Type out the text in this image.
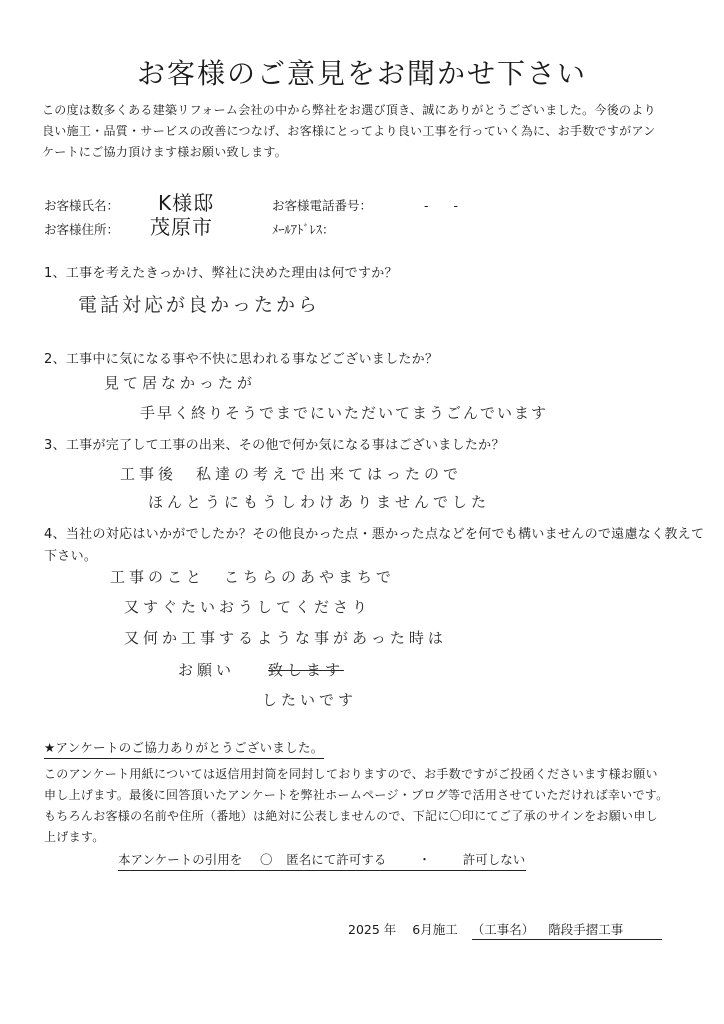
お客様のご意見をお聞かせ下さい
この度は数多くある建築リフォーム会社の中から弊社をお選び頂き、誠にありがとうございました。今後のより
良い施工・品質・サービスの改善につなげ、お客様にとってより良い工事を行っていく為に、お手数ですがアン
ケートにご協力頂けます様お願い致します。
お客様氏名： K様邸	お客様電話番号：	-　　-
お客様住所： 茂原市	ﾒｰﾙｱﾄﾞﾚｽ：
1、工事を考えたきっかけ、弊社に決めた理由は何ですか？
電話対応が良かったから
2、工事中に気になる事や不快に思われる事などございましたか？
見て居なかったが
手早く終りそうでまでにいただいてまうごんでいます
3、工事が完了して工事の出来、その他で何か気になる事はございましたか？
工事後　私達の考えで出来てはったので
ほんとうにもうしわけありませんでした
4、当社の対応はいかがでしたか？その他良かった点・悪かった点などを何でも構いませんので遠慮なく教えて
下さい。
工事のこと　こちらのあやまちで
又すぐたいおうしてくださり
又何か工事するような事があった時は
お願い 致します
したいです
★アンケートのご協力ありがとうございました。
このアンケート用紙については返信用封筒を同封しておりますので、お手数ですがご投函くださいます様お願い
申し上げます。最後に回答頂いたアンケートを弊社ホームページ・ブログ等で活用させていただければ幸いです。
もちろんお客様の名前や住所（番地）は絶対に公表しませんので、下記に〇印にてご了承のサインをお願い申し
上げます。
本アンケートの引用を 〇 匿名にて許可する	・	許可しない
2025 年 6月施工 （工事名） 階段手摺工事
